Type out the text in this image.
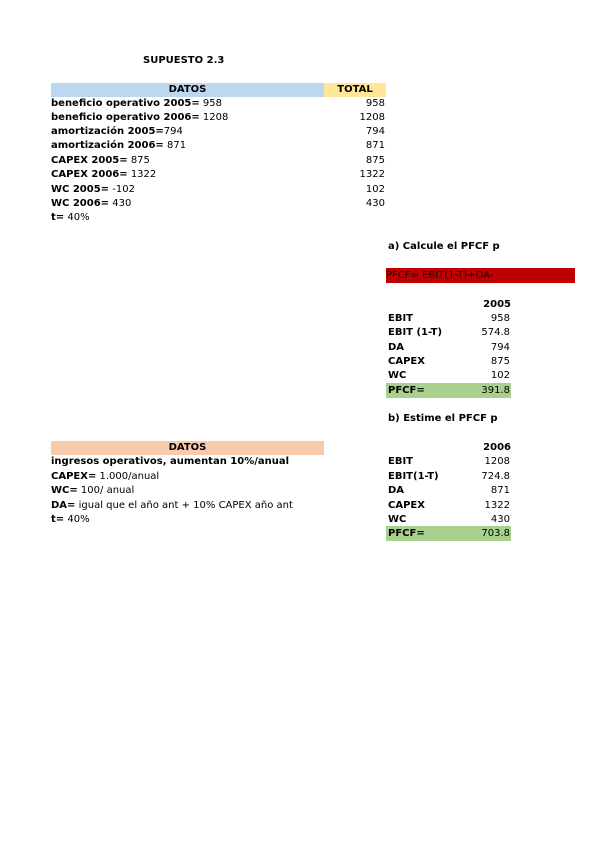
SUPUESTO 2.3
DATOS	TOTAL
beneficio operativo 2005= 958	958
beneficio operativo 2006= 1208	1208
amortización 2005=794	794
amortización 2006= 871	871
CAPEX 2005= 875	875
CAPEX 2006= 1322	1322
WC 2005= -102	102
WC 2006= 430	430
t= 40%
a) Calcule el PFCF p
PFCF= EBIT(1-T)+DA-
2005
EBIT	958
EBIT (1-T)	574.8
DA	794
CAPEX	875
WC	102
PFCF=	391.8
b) Estime el PFCF p
DATOS
ingresos operativos, aumentan 10%/anual
CAPEX= 1.000/anual
WC= 100/ anual
DA= igual que el año ant + 10% CAPEX año ant
t= 40%
2006
EBIT	1208
EBIT(1-T)	724.8
DA	871
CAPEX	1322
WC	430
PFCF=	703.8
